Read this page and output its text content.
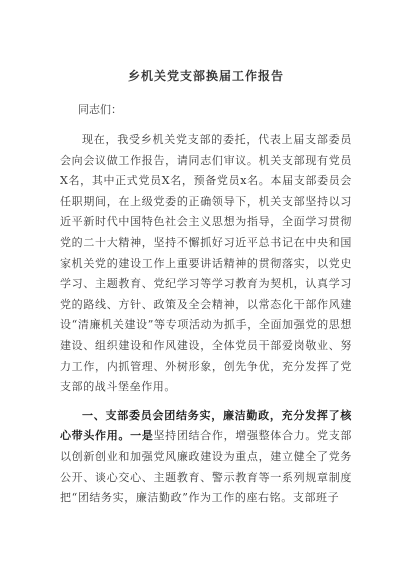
乡机关党支部换届工作报告
同志们：

现在，我受乡机关党支部的委托，代表上届支部委员会向会议做工作报告，请同志们审议。机关支部现有党员X名，其中正式党员X名，预备党员x名。本届支部委员会任职期间，在上级党委的正确领导下，机关支部坚持以习近平新时代中国特色社会主义思想为指导，全面学习贯彻党的二十大精神，坚持不懈抓好习近平总书记在中央和国家机关党的建设工作上重要讲话精神的贯彻落实，以党史学习、主题教育、党纪学习等学习教育为契机，认真学习党的路线、方针、政策及全会精神，以常态化干部作风建设“清廉机关建设”等专项活动为抓手，全面加强党的思想建设、组织建设和作风建设，全体党员干部爱岗敬业、努力工作，内抓管理、外树形象，创先争优，充分发挥了党支部的战斗堡垒作用。

一、支部委员会团结务实，廉洁勤政，充分发挥了核心带头作用。一是坚持团结合作，增强整体合力。党支部以创新创业和加强党风廉政建设为重点，建立健全了党务公开、谈心交心、主题教育、警示教育等一系列规章制度把“团结务实，廉洁勤政”作为工作的座右铭。支部班子
